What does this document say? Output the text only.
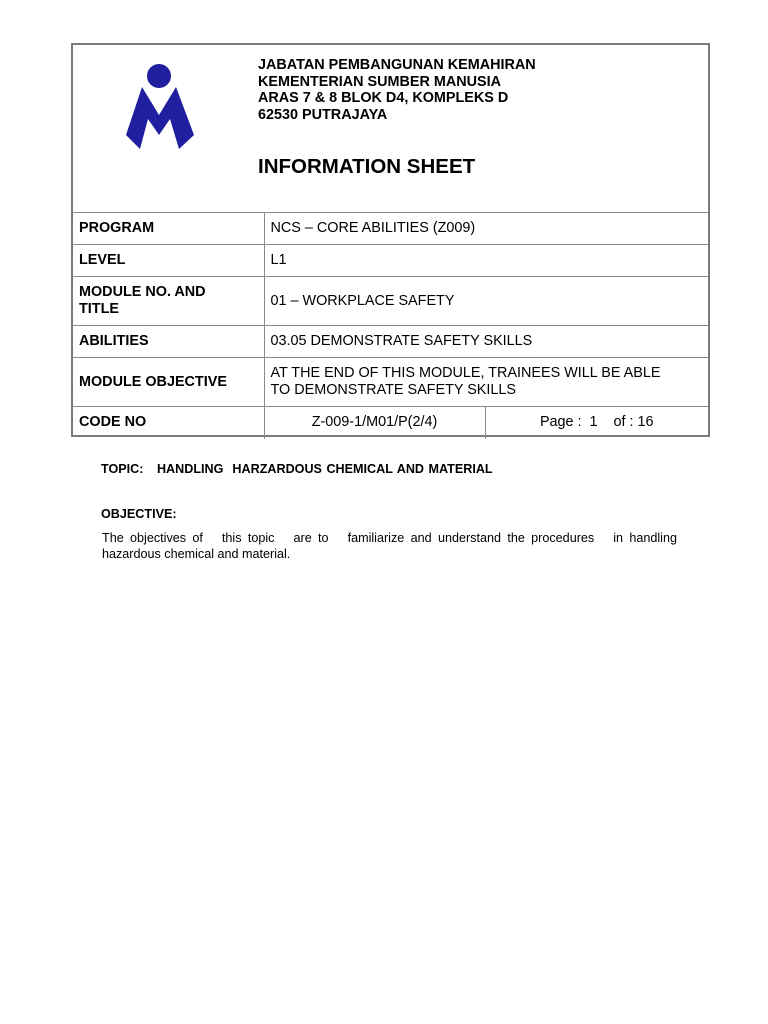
JABATAN PEMBANGUNAN KEMAHIRAN
KEMENTERIAN SUMBER MANUSIA
ARAS 7 & 8 BLOK D4, KOMPLEKS D
62530 PUTRAJAYA
INFORMATION SHEET
PROGRAM	NCS – CORE ABILITIES (Z009)	
LEVEL	L1	

MODULE NO. AND
TITLE	01 – WORKPLACE SAFETY	
ABILITIES	03.05 DEMONSTRATE SAFETY SKILLS	
MODULE OBJECTIVE	AT THE END OF THIS MODULE, TRAINEES WILL BE ABLE
TO DEMONSTRATE SAFETY SKILLS	

CODE NO	Z-009-1/M01/P(2/4)	Page :  1    of : 16
TOPIC:   HANDLING  HARZARDOUS CHEMICAL AND MATERIAL
OBJECTIVE:
The objectives of   this topic   are to   familiarize and understand the procedures   in handling hazardous chemical and material.
